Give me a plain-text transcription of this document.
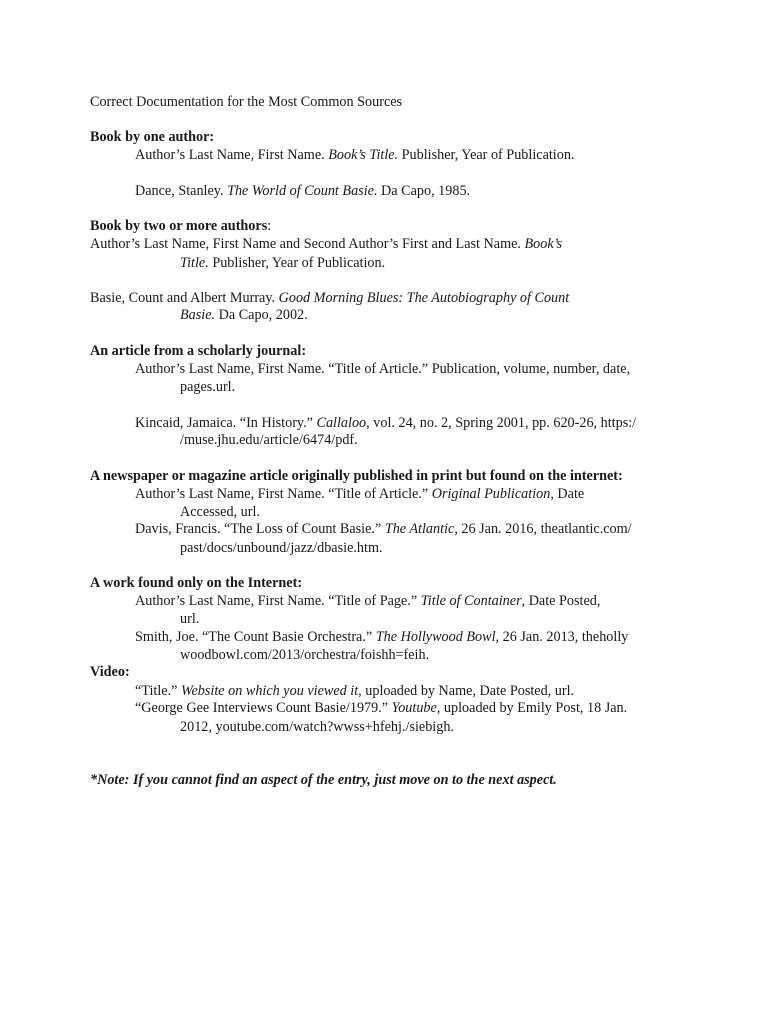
Correct Documentation for the Most Common Sources
Book by one author:
Author’s Last Name, First Name. Book’s Title. Publisher, Year of Publication.
Dance, Stanley. The World of Count Basie. Da Capo, 1985.
Book by two or more authors:
Author’s Last Name, First Name and Second Author’s First and Last Name. Book’s
Title. Publisher, Year of Publication.
Basie, Count and Albert Murray. Good Morning Blues: The Autobiography of Count
Basie. Da Capo, 2002.
An article from a scholarly journal:
Author’s Last Name, First Name. “Title of Article.” Publication, volume, number, date,
pages.url.
Kincaid, Jamaica. “In History.” Callaloo, vol. 24, no. 2, Spring 2001, pp. 620-26, https:/
/muse.jhu.edu/article/6474/pdf.
A newspaper or magazine article originally published in print but found on the internet:
Author’s Last Name, First Name. “Title of Article.” Original Publication, Date
Accessed, url.
Davis, Francis. “The Loss of Count Basie.” The Atlantic, 26 Jan. 2016, theatlantic.com/
past/docs/unbound/jazz/dbasie.htm.
A work found only on the Internet:
Author’s Last Name, First Name. “Title of Page.” Title of Container, Date Posted,
url.
Smith, Joe. “The Count Basie Orchestra.” The Hollywood Bowl, 26 Jan. 2013, theholly
woodbowl.com/2013/orchestra/foishh=feih.
Video:
“Title.” Website on which you viewed it, uploaded by Name, Date Posted, url.
“George Gee Interviews Count Basie/1979.” Youtube, uploaded by Emily Post, 18 Jan.
2012, youtube.com/watch?wwss+hfehj./siebigh.
*Note: If you cannot find an aspect of the entry, just move on to the next aspect.
